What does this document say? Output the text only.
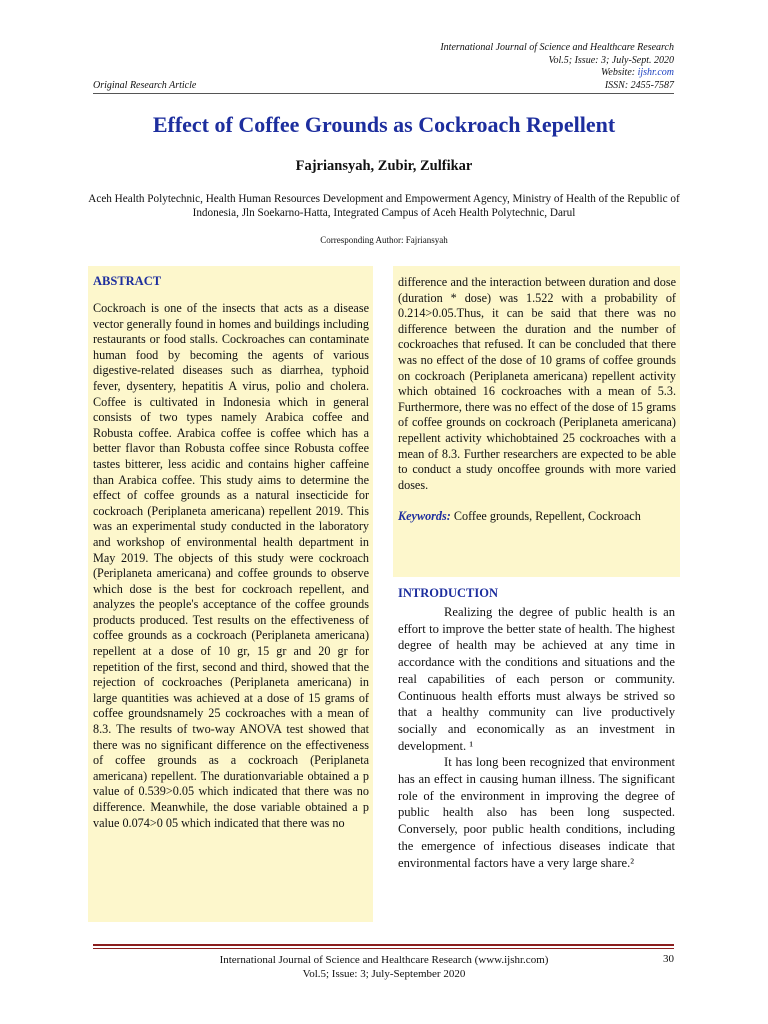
International Journal of Science and Healthcare Research
Vol.5; Issue: 3; July-Sept. 2020
Website: ijshr.com
ISSN: 2455-7587
Original Research Article
Effect of Coffee Grounds as Cockroach Repellent
Fajriansyah, Zubir, Zulfikar
Aceh Health Polytechnic, Health Human Resources Development and Empowerment Agency, Ministry of Health of the Republic of Indonesia, Jln Soekarno-Hatta, Integrated Campus of Aceh Health Polytechnic, Darul
Corresponding Author: Fajriansyah
ABSTRACT
Cockroach is one of the insects that acts as a disease vector generally found in homes and buildings including restaurants or food stalls. Cockroaches can contaminate human food by becoming the agents of various digestive-related diseases such as diarrhea, typhoid fever, dysentery, hepatitis A virus, polio and cholera. Coffee is cultivated in Indonesia which in general consists of two types namely Arabica coffee and Robusta coffee. Arabica coffee is coffee which has a better flavor than Robusta coffee since Robusta coffee tastes bitterer, less acidic and contains higher caffeine than Arabica coffee. This study aims to determine the effect of coffee grounds as a natural insecticide for cockroach (Periplaneta americana) repellent 2019. This was an experimental study conducted in the laboratory and workshop of environmental health department in May 2019. The objects of this study were cockroach (Periplaneta americana) and coffee grounds to observe which dose is the best for cockroach repellent, and analyzes the people's acceptance of the coffee grounds products produced. Test results on the effectiveness of coffee grounds as a cockroach (Periplaneta americana) repellent at a dose of 10 gr, 15 gr and 20 gr for repetition of the first, second and third, showed that the rejection of cockroaches (Periplaneta americana) in large quantities was achieved at a dose of 15 grams of coffee groundsnamely 25 cockroaches with a mean of 8.3. The results of two-way ANOVA test showed that there was no significant difference on the effectiveness of coffee grounds as a cockroach (Periplaneta americana) repellent. The durationvariable obtained a p value of 0.539>0.05 which indicated that there was no difference. Meanwhile, the dose variable obtained a p value 0.074>0 05 which indicated that there was no
difference and the interaction between duration and dose (duration * dose) was 1.522 with a probability of 0.214>0.05.Thus, it can be said that there was no difference between the duration and the number of cockroaches that refused. It can be concluded that there was no effect of the dose of 10 grams of coffee grounds on cockroach (Periplaneta americana) repellent activity which obtained 16 cockroaches with a mean of 5.3. Furthermore, there was no effect of the dose of 15 grams of coffee grounds on cockroach (Periplaneta americana) repellent activity whichobtained 25 cockroaches with a mean of 8.3. Further researchers are expected to be able to conduct a study oncoffee grounds with more varied doses.
Keywords: Coffee grounds, Repellent, Cockroach
INTRODUCTION

Realizing the degree of public health is an effort to improve the better state of health. The highest degree of health may be achieved at any time in accordance with the conditions and situations and the real capabilities of each person or community. Continuous health efforts must always be strived so that a healthy community can live productively socially and economically as an investment in development. ¹

It has long been recognized that environment has an effect in causing human illness. The significant role of the environment in improving the degree of public health also has been long suspected. Conversely, poor public health conditions, including the emergence of infectious diseases indicate that environmental factors have a very large share.²

International Journal of Science and Healthcare Research (www.ijshr.com)
Vol.5; Issue: 3; July-September 2020
30
